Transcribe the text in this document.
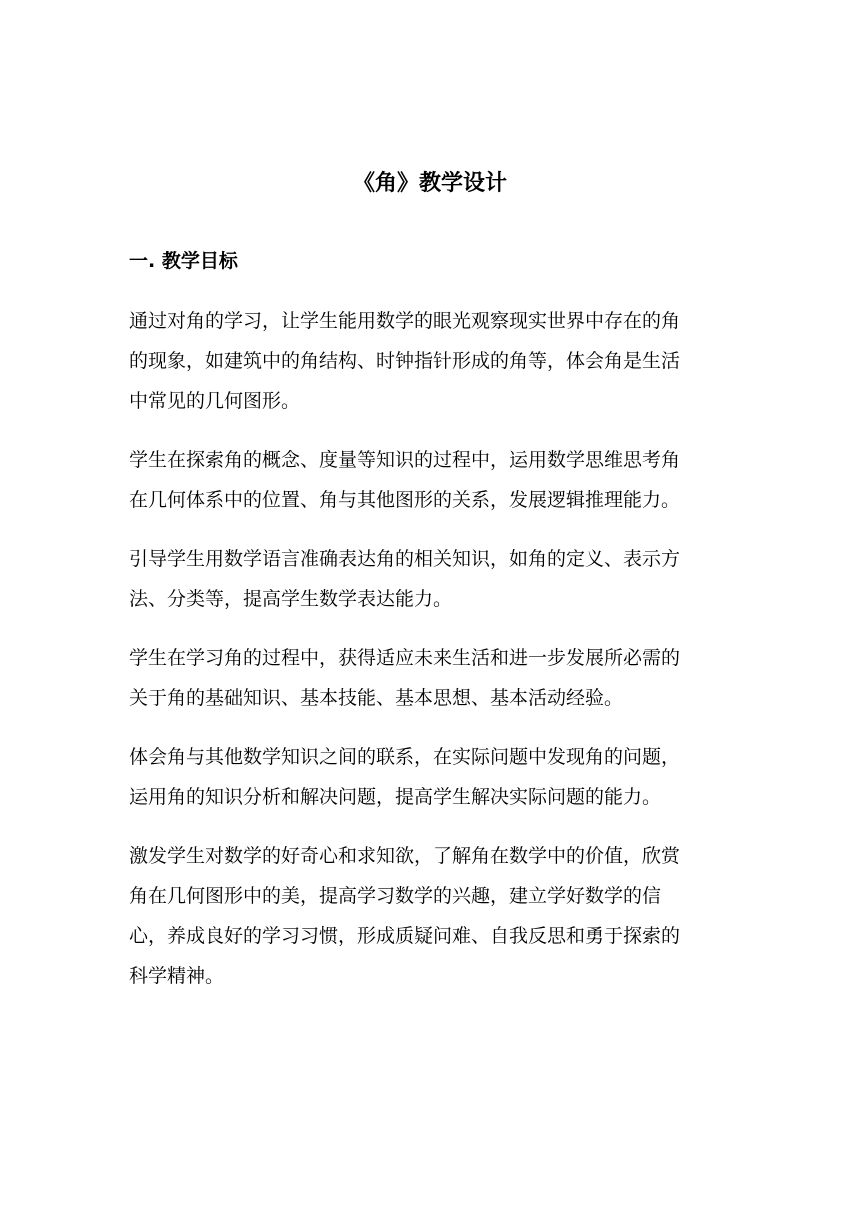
《角》教学设计
一. 教学目标

通过对角的学习，让学生能用数学的眼光观察现实世界中存在的角
的现象，如建筑中的角结构、时钟指针形成的角等，体会角是生活
中常见的几何图形。

学生在探索角的概念、度量等知识的过程中，运用数学思维思考角
在几何体系中的位置、角与其他图形的关系，发展逻辑推理能力。

引导学生用数学语言准确表达角的相关知识，如角的定义、表示方
法、分类等，提高学生数学表达能力。

学生在学习角的过程中，获得适应未来生活和进一步发展所必需的
关于角的基础知识、基本技能、基本思想、基本活动经验。

体会角与其他数学知识之间的联系，在实际问题中发现角的问题，
运用角的知识分析和解决问题，提高学生解决实际问题的能力。

激发学生对数学的好奇心和求知欲，了解角在数学中的价值，欣赏
角在几何图形中的美，提高学习数学的兴趣，建立学好数学的信
心，养成良好的学习习惯，形成质疑问难、自我反思和勇于探索的
科学精神。
